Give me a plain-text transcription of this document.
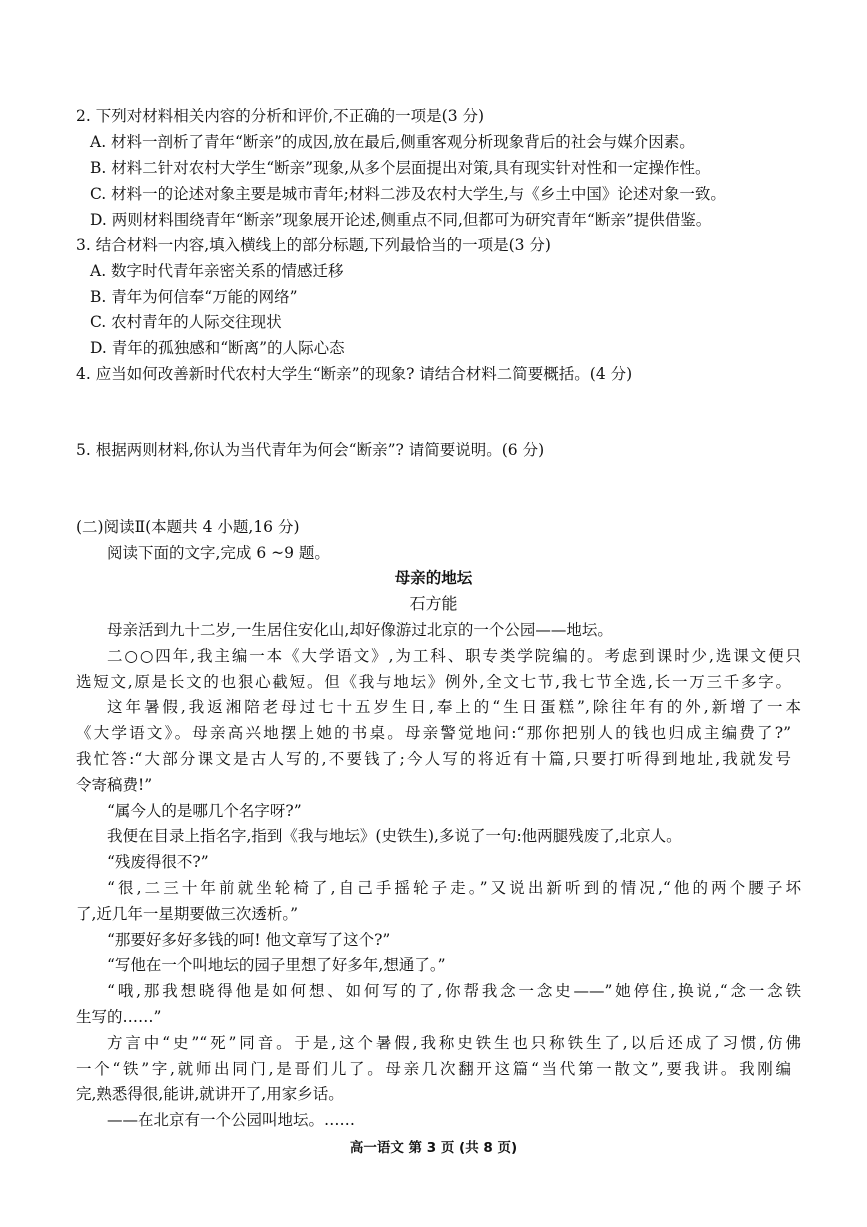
2. 下列对材料相关内容的分析和评价,不正确的一项是(3 分)
A. 材料一剖析了青年“断亲”的成因,放在最后,侧重客观分析现象背后的社会与媒介因素。
B. 材料二针对农村大学生“断亲”现象,从多个层面提出对策,具有现实针对性和一定操作性。
C. 材料一的论述对象主要是城市青年;材料二涉及农村大学生,与《乡土中国》论述对象一致。
D. 两则材料围绕青年“断亲”现象展开论述,侧重点不同,但都可为研究青年“断亲”提供借鉴。
3. 结合材料一内容,填入横线上的部分标题,下列最恰当的一项是(3 分)
A. 数字时代青年亲密关系的情感迁移
B. 青年为何信奉“万能的网络”
C. 农村青年的人际交往现状
D. 青年的孤独感和“断离”的人际心态
4. 应当如何改善新时代农村大学生“断亲”的现象? 请结合材料二简要概括。(4 分)
5. 根据两则材料,你认为当代青年为何会“断亲”? 请简要说明。(6 分)
(二)阅读Ⅱ(本题共 4 小题,16 分)
阅读下面的文字,完成 6 ~9 题。
母亲的地坛
石方能
母亲活到九十二岁,一生居住安化山,却好像游过北京的一个公园——地坛。
二○○四年,我主编一本《大学语文》,为工科、职专类学院编的。考虑到课时少,选课文便只
选短文,原是长文的也狠心截短。但《我与地坛》例外,全文七节,我七节全选,长一万三千多字。
这年暑假,我返湘陪老母过七十五岁生日,奉上的“生日蛋糕”,除往年有的外,新增了一本
《大学语文》。母亲高兴地摆上她的书桌。母亲警觉地问:“那你把别人的钱也归成主编费了?”
我忙答:“大部分课文是古人写的,不要钱了;今人写的将近有十篇,只要打听得到地址,我就发号
令寄稿费!”
“属今人的是哪几个名字呀?”
我便在目录上指名字,指到《我与地坛》(史铁生),多说了一句:他两腿残废了,北京人。
“残废得很不?”
“很,二三十年前就坐轮椅了,自己手摇轮子走。”又说出新听到的情况,“他的两个腰子坏
了,近几年一星期要做三次透析。”
“那要好多好多钱的呵! 他文章写了这个?”
“写他在一个叫地坛的园子里想了好多年,想通了。”
“哦,那我想晓得他是如何想、如何写的了,你帮我念一念史——”她停住,换说,“念一念铁
生写的……”
方言中“史”“死”同音。于是,这个暑假,我称史铁生也只称铁生了,以后还成了习惯,仿佛
一个“铁”字,就师出同门,是哥们儿了。母亲几次翻开这篇“当代第一散文”,要我讲。我刚编
完,熟悉得很,能讲,就讲开了,用家乡话。
——在北京有一个公园叫地坛。……
高一语文 第 3 页 (共 8 页)
